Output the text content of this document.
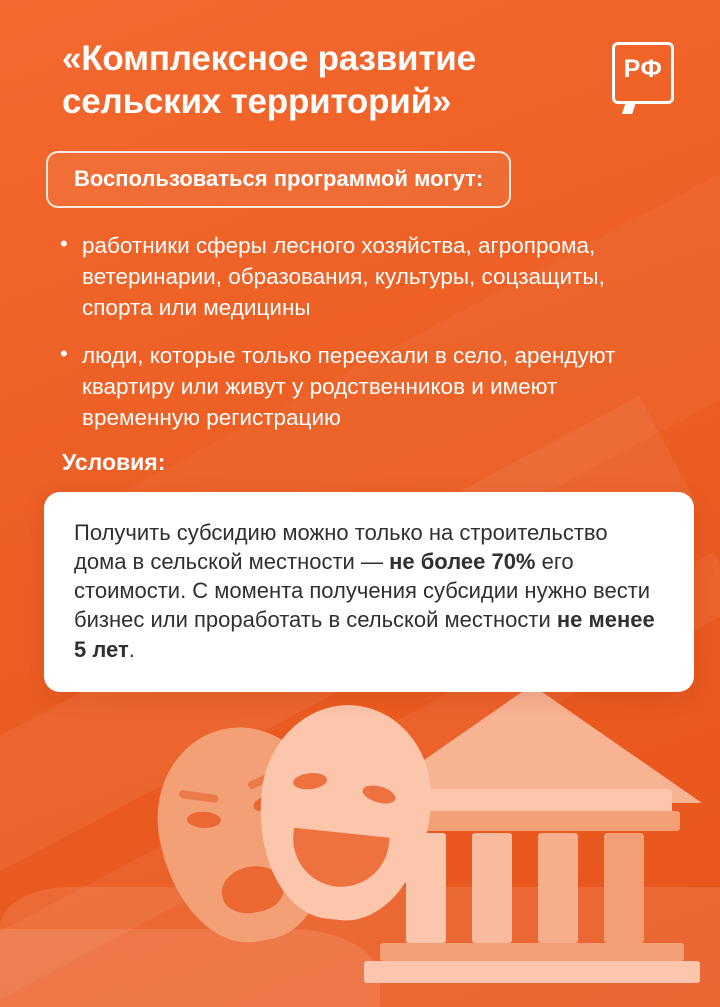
«Комплексное развитие сельских территорий»
РФ
Воспользоваться программой могут:
• работники сферы лесного хозяйства, агропрома, ветеринарии, образования, культуры, соцзащиты, спорта или медицины
• люди, которые только переехали в село, арендуют квартиру или живут у родственников и имеют временную регистрацию
Условия:

Получить субсидию можно только на строительство дома в сельской местности — не более 70% его стоимости. С момента получения субсидии нужно вести бизнес или проработать в сельской местности не менее 5 лет.
